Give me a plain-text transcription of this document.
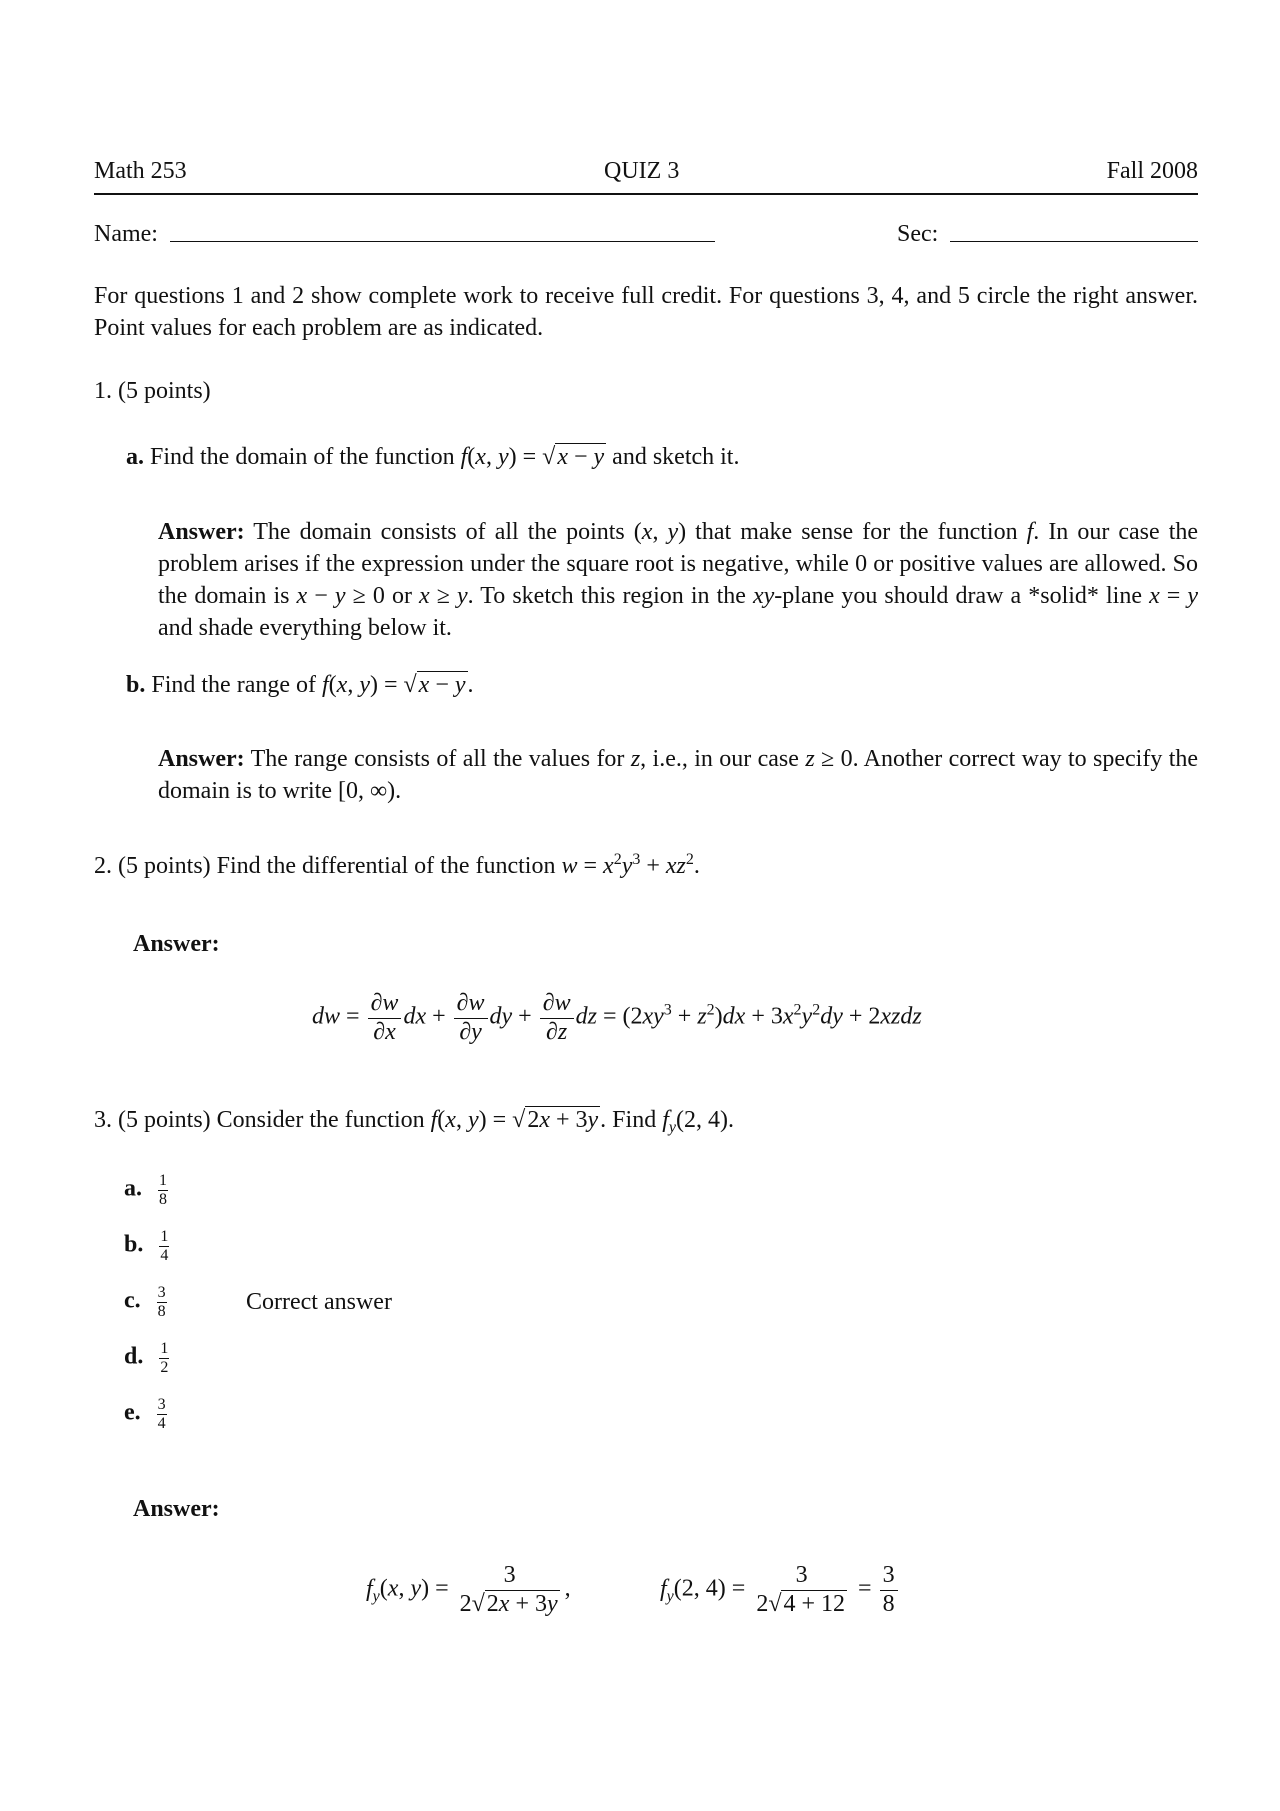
Math 253	QUIZ 3	Fall 2008
Name:	Sec:
For questions 1 and 2 show complete work to receive full credit. For questions 3, 4, and 5 circle the right answer. Point values for each problem are as indicated.
1. (5 points)
a. Find the domain of the function f(x, y) = √x − y and sketch it.
Answer: The domain consists of all the points (x, y) that make sense for the function f. In our case the problem arises if the expression under the square root is negative, while 0 or positive values are allowed. So the domain is x − y ≥ 0 or x ≥ y. To sketch this region in the xy-plane you should draw a *solid* line x = y and shade everything below it.
b. Find the range of f(x, y) = √x − y.
Answer: The range consists of all the values for z, i.e., in our case z ≥ 0. Another correct way to specify the domain is to write [0, ∞).
2. (5 points) Find the differential of the function $w = x^2y^3 + xz^2$.
Answer:
dw = $\frac{\partial w}{\partial x}$ dx + $\frac{\partial w}{\partial y}$ dy + $\frac{\partial w}{\partial z}$ dz = $(2xy^3 + z^2)dx + 3x^2y^2dy$ + 2xzdz
3. (5 points) Consider the function f(x, y) = √2x + 3y. Find $f_y(2$, 4).
a. $\frac{1}{8}$
b. $\frac{1}{4}$
c. $\frac{3}{8}$	Correct answer
d. $\frac{1}{2}$
e. $\frac{3}{4}$
Answer:
$f_y(x$, $y) = \frac{3}{2√2x + 3y}$ ,	$f_y(2$, $4) = \frac{3}{2√4 + 12} = \frac{3}{8}$
